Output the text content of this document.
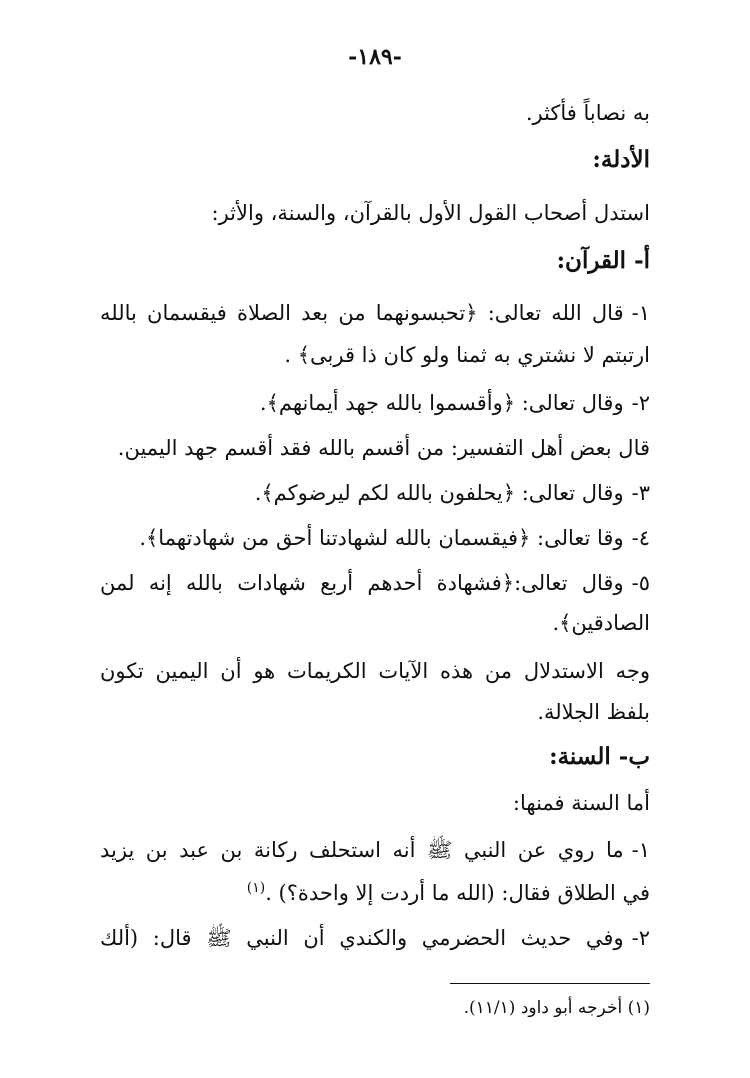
-١٨٩-
به نصاباً فأكثر.
الأدلة:
استدل أصحاب القول الأول بالقرآن، والسنة، والأثر:
أ- القرآن:
١-قال الله تعالى: ﴿تحبسونهما من بعد الصلاة فيقسمان بالله
ارتبتم لا نشتري به ثمنا ولو كان ذا قربى﴾ .
٢-وقال تعالى: ﴿وأقسموا بالله جهد أيمانهم﴾.
قال بعض أهل التفسير: من أقسم بالله فقد أقسم جهد اليمين.
٣-وقال تعالى: ﴿يحلفون بالله لكم ليرضوكم﴾.
٤-وقا تعالى: ﴿فيقسمان بالله لشهادتنا أحق من شهادتهما﴾.
٥-وقال تعالى:﴿فشهادة أحدهم أربع شهادات بالله إنه لمن
الصادقين﴾.
وجه الاستدلال من هذه الآيات الكريمات هو أن اليمين تكون
بلفظ الجلالة.
ب- السنة:
أما السنة فمنها:
١-ما روي عن النبي ﷺ أنه استحلف ركانة بن عبد بن يزيد
في الطلاق فقال: (الله ما أردت إلا واحدة؟) .$^{(١)}$
٢-وفي حديث الحضرمي والكندي أن النبي ﷺ قال: (ألك
(١) أخرجه أبو داود (١١/١).
